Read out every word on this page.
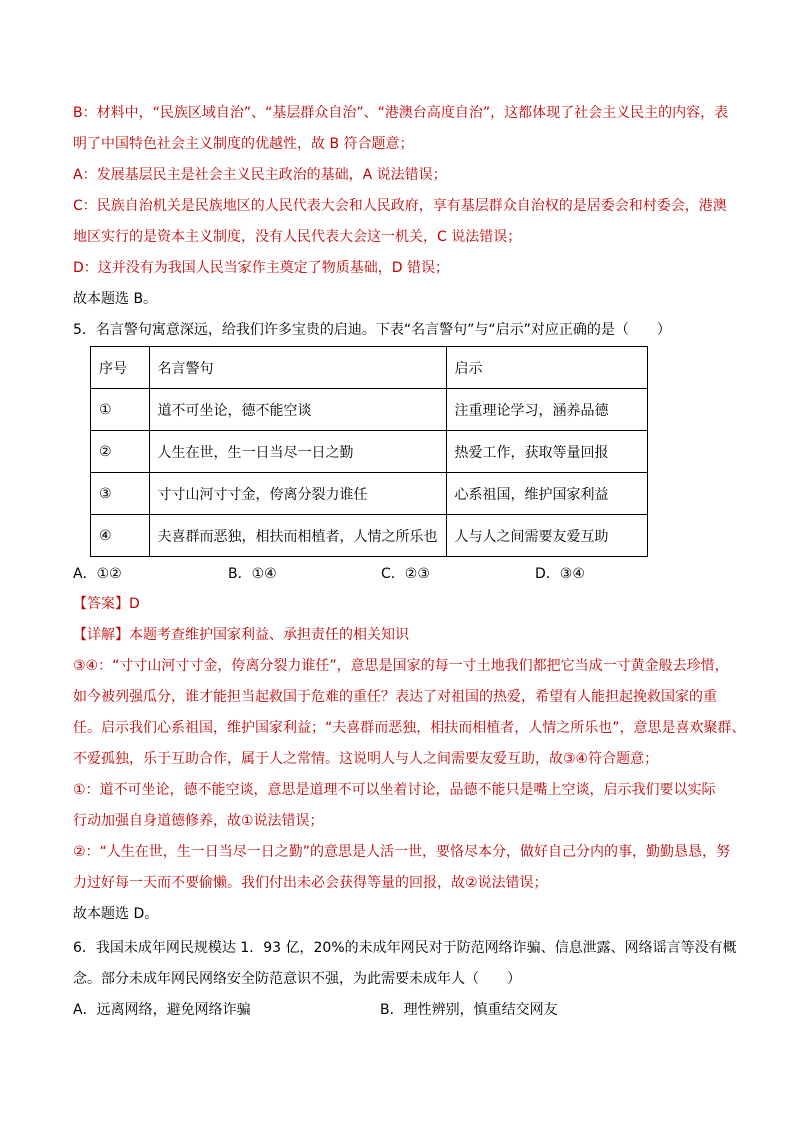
B：材料中，“民族区域自治”、“基层群众自治”、“港澳台高度自治”，这都体现了社会主义民主的内容，表
明了中国特色社会主义制度的优越性，故 B 符合题意；
A：发展基层民主是社会主义民主政治的基础，A 说法错误；
C：民族自治机关是民族地区的人民代表大会和人民政府，享有基层群众自治权的是居委会和村委会，港澳
地区实行的是资本主义制度，没有人民代表大会这一机关，C 说法错误；
D：这并没有为我国人民当家作主奠定了物质基础，D 错误；
故本题选 B。
5．名言警句寓意深远，给我们许多宝贵的启迪。下表“名言警句”与“启示”对应正确的是（　　）
序号	名言警句	启示
①	道不可坐论，德不能空谈	注重理论学习，涵养品德
②	人生在世，生一日当尽一日之勤	热爱工作，获取等量回报
③	寸寸山河寸寸金，侉离分裂力谁任	心系祖国，维护国家利益
④	夫喜群而恶独，相扶而相植者，人情之所乐也	人与人之间需要友爱互助
A．①②	B．①④	C．②③	D．③④
【答案】D
【详解】本题考查维护国家利益、承担责任的相关知识
③④：“寸寸山河寸寸金，侉离分裂力谁任”，意思是国家的每一寸土地我们都把它当成一寸黄金般去珍惜，
如今被列强瓜分，谁才能担当起救国于危难的重任？表达了对祖国的热爱，希望有人能担起挽救国家的重
任。启示我们心系祖国，维护国家利益；“夫喜群而恶独，相扶而相植者，人情之所乐也”，意思是喜欢聚群、
不爱孤独，乐于互助合作，属于人之常情。这说明人与人之间需要友爱互助，故③④符合题意；
①：道不可坐论，德不能空谈，意思是道理不可以坐着讨论，品德不能只是嘴上空谈，启示我们要以实际
行动加强自身道德修养，故①说法错误；
②：“人生在世，生一日当尽一日之勤”的意思是人活一世，要恪尽本分，做好自己分内的事，勤勤恳恳，努
力过好每一天而不要偷懒。我们付出未必会获得等量的回报，故②说法错误；
故本题选 D。
6．我国未成年网民规模达 1．93 亿，20%的未成年网民对于防范网络诈骗、信息泄露、网络谣言等没有概
念。部分未成年网民网络安全防范意识不强，为此需要未成年人（　　）
A．远离网络，避免网络诈骗	B．理性辨别，慎重结交网友
